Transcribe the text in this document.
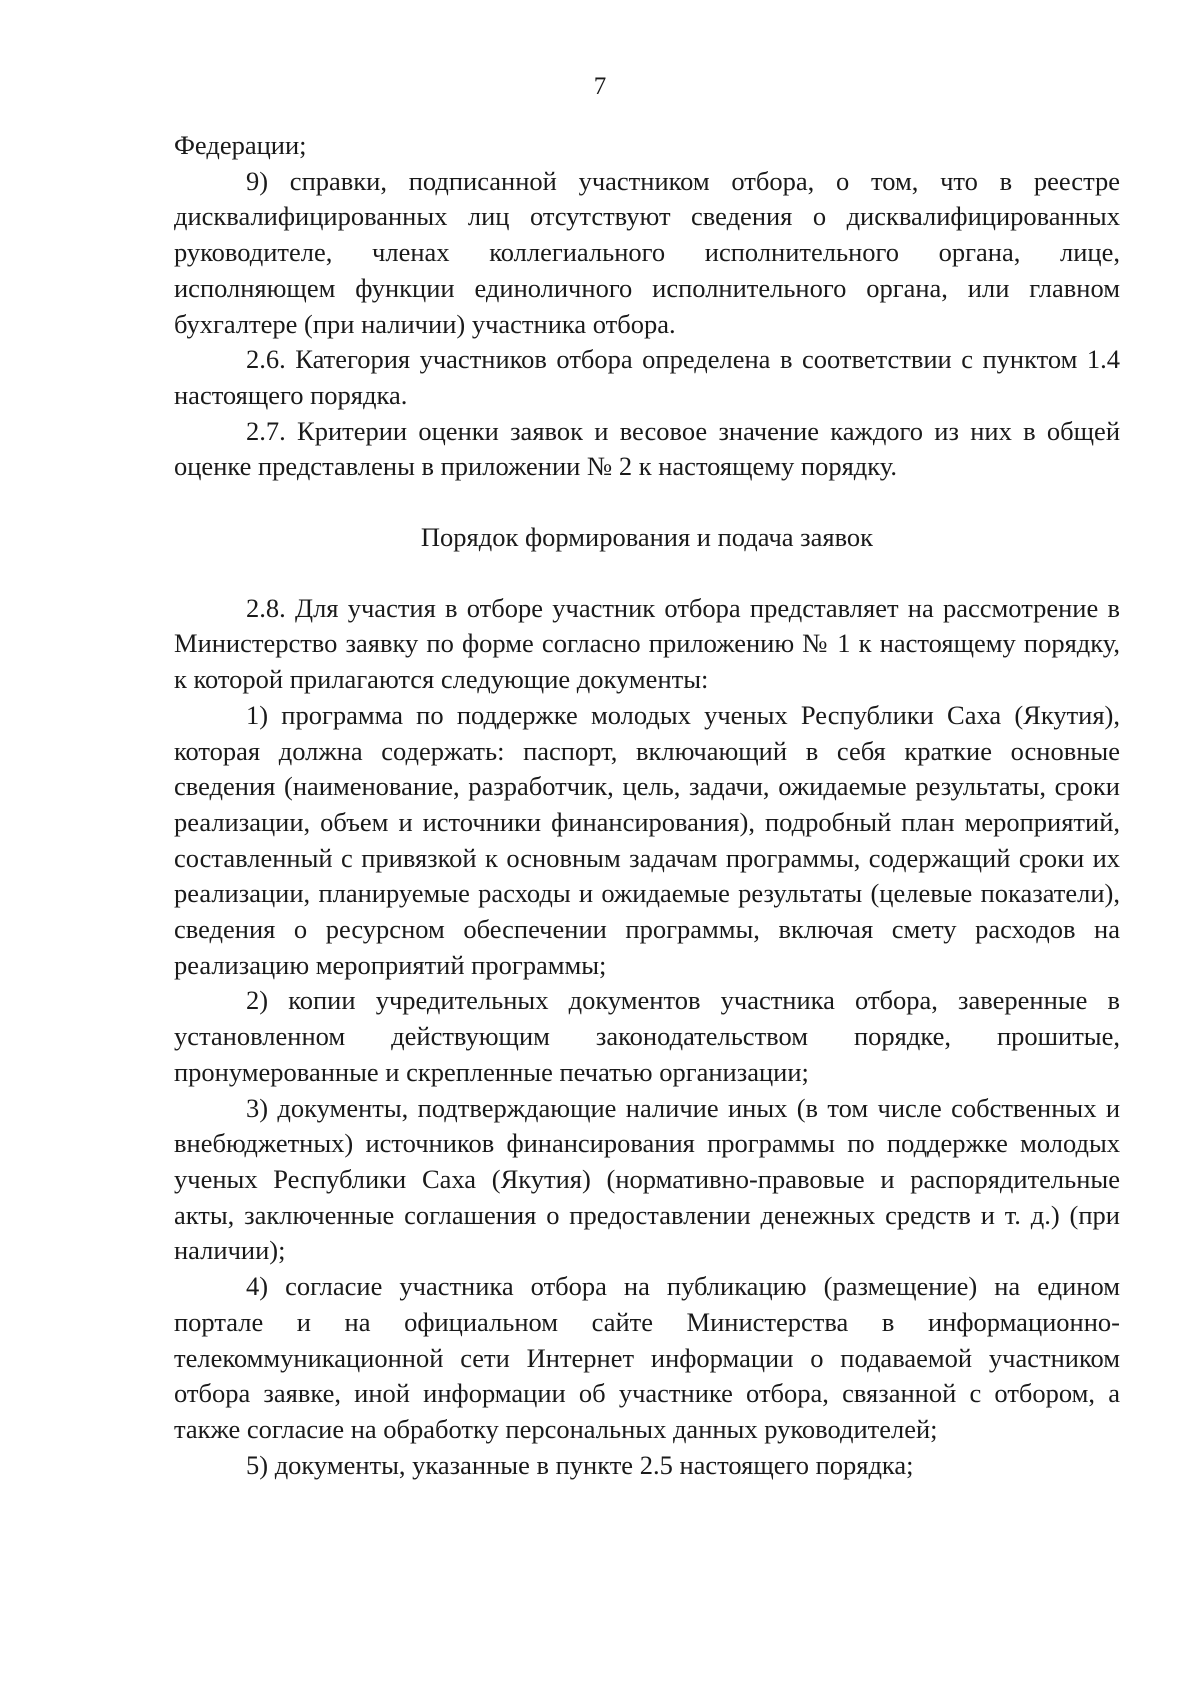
7

Федерации;

9) справки, подписанной участником отбора, о том, что в реестре дисквалифицированных лиц отсутствуют сведения о дисквалифицированных руководителе, членах коллегиального исполнительного органа, лице, исполняющем функции единоличного исполнительного органа, или главном бухгалтере (при наличии) участника отбора.

2.6. Категория участников отбора определена в соответствии с пунктом 1.4 настоящего порядка.

2.7. Критерии оценки заявок и весовое значение каждого из них в общей оценке представлены в приложении № 2 к настоящему порядку.

Порядок формирования и подача заявок

2.8. Для участия в отборе участник отбора представляет на рассмотрение в Министерство заявку по форме согласно приложению № 1 к настоящему порядку, к которой прилагаются следующие документы:

1) программа по поддержке молодых ученых Республики Саха (Якутия), которая должна содержать: паспорт, включающий в себя краткие основные сведения (наименование, разработчик, цель, задачи, ожидаемые результаты, сроки реализации, объем и источники финансирования), подробный план мероприятий, составленный с привязкой к основным задачам программы, содержащий сроки их реализации, планируемые расходы и ожидаемые результаты (целевые показатели), сведения о ресурсном обеспечении программы, включая смету расходов на реализацию мероприятий программы;

2) копии учредительных документов участника отбора, заверенные в установленном действующим законодательством порядке, прошитые, пронумерованные и скрепленные печатью организации;

3) документы, подтверждающие наличие иных (в том числе собственных и внебюджетных) источников финансирования программы по поддержке молодых ученых Республики Саха (Якутия) (нормативно-правовые и распорядительные акты, заключенные соглашения о предоставлении денежных средств и т. д.) (при наличии);

4) согласие участника отбора на публикацию (размещение) на едином портале и на официальном сайте Министерства в информационно-телекоммуникационной сети Интернет информации о подаваемой участником отбора заявке, иной информации об участнике отбора, связанной с отбором, а также согласие на обработку персональных данных руководителей;

5) документы, указанные в пункте 2.5 настоящего порядка;
